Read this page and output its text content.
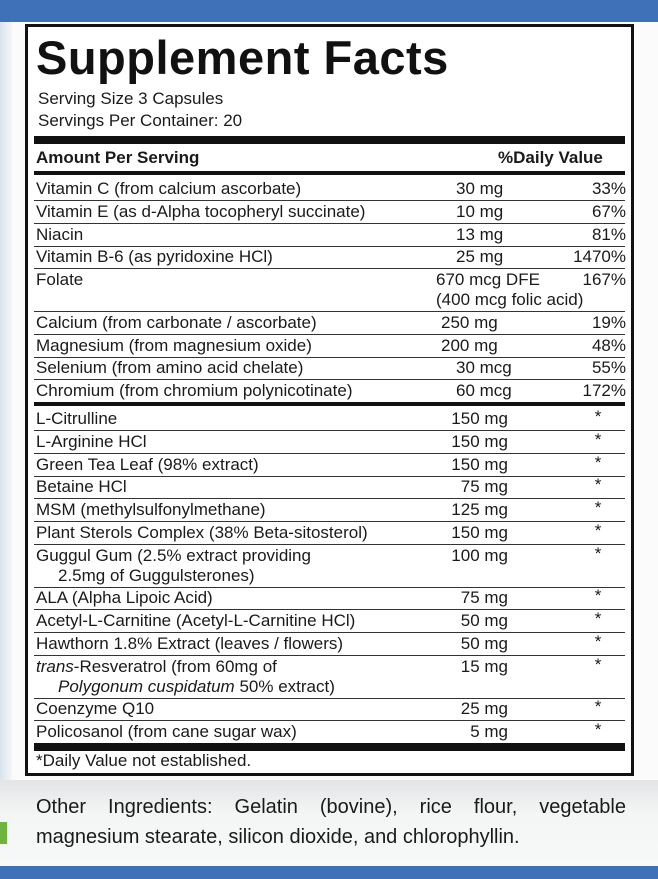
Supplement Facts
Serving Size 3 Capsules
Servings Per Container: 20
Amount Per Serving	%Daily Value
Vitamin C (from calcium ascorbate)	30 mg	33%
Vitamin E (as d-Alpha tocopheryl succinate)	10 mg	67%
Niacin	13 mg	81%
Vitamin B-6 (as pyridoxine HCl)	25 mg	1470%
Folate	670 mcg DFE	167%
(400 mcg folic acid)
Calcium (from carbonate / ascorbate)	250 mg	19%
Magnesium (from magnesium oxide)	200 mg	48%
Selenium (from amino acid chelate)	30 mcg	55%
Chromium (from chromium polynicotinate)	60 mcg	172%
L-Citrulline	150 mg	*
L-Arginine HCl	150 mg	*
Green Tea Leaf (98% extract)	150 mg	*
Betaine HCl	75 mg	*
MSM (methylsulfonylmethane)	125 mg	*
Plant Sterols Complex (38% Beta-sitosterol)	150 mg	*
Guggul Gum (2.5% extract providing
2.5mg of Guggulsterones)
100 mg	*
ALA (Alpha Lipoic Acid)	75 mg	*
Acetyl-L-Carnitine (Acetyl-L-Carnitine HCl)	50 mg	*
Hawthorn 1.8% Extract (leaves / flowers)	50 mg	*
trans-Resveratrol (from 60mg of
Polygonum cuspidatum 50% extract)
15 mg	*
Coenzyme Q10	25 mg	*
Policosanol (from cane sugar wax)	5 mg	*
*Daily Value not established.
Other Ingredients: Gelatin (bovine), rice flour, vegetable
magnesium stearate, silicon dioxide, and chlorophyllin.
